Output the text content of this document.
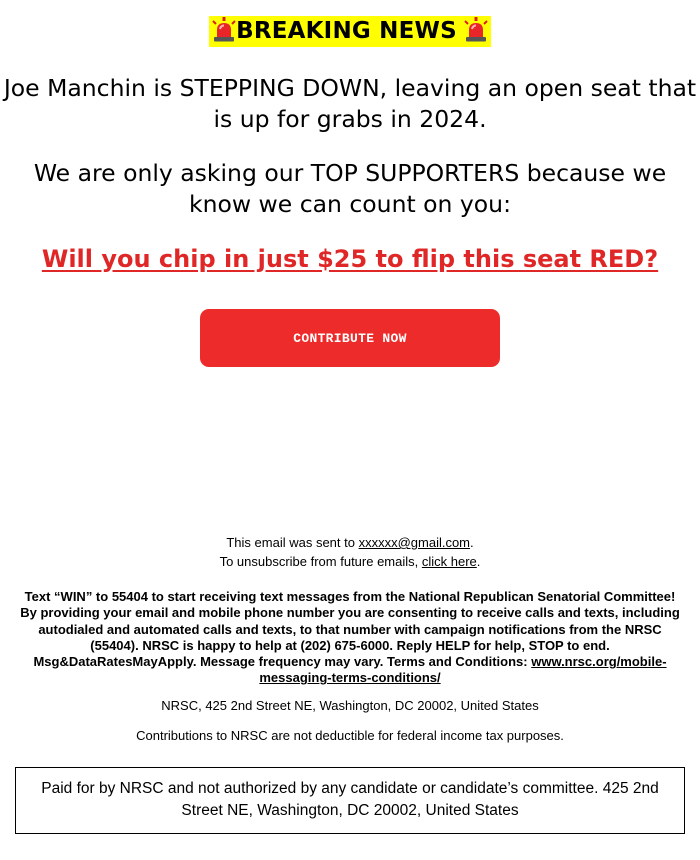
BREAKING NEWS
Joe Manchin is STEPPING DOWN, leaving an open seat that is up for grabs in 2024.
We are only asking our TOP SUPPORTERS because we know we can count on you:
Will you chip in just $25 to flip this seat RED?
CONTRIBUTE NOW
This email was sent to xxxxxx@gmail.com.
To unsubscribe from future emails, click here.
Text “WIN” to 55404 to start receiving text messages from the National Republican Senatorial Committee! By providing your email and mobile phone number you are consenting to receive calls and texts, including autodialed and automated calls and texts, to that number with campaign notifications from the NRSC (55404). NRSC is happy to help at (202) 675-6000. Reply HELP for help, STOP to end. Msg&DataRatesMayApply. Message frequency may vary. Terms and Conditions: www.nrsc.org/mobile-messaging-terms-conditions/
NRSC, 425 2nd Street NE, Washington, DC 20002, United States
Contributions to NRSC are not deductible for federal income tax purposes.
Paid for by NRSC and not authorized by any candidate or candidate’s committee. 425 2nd Street NE, Washington, DC 20002, United States
